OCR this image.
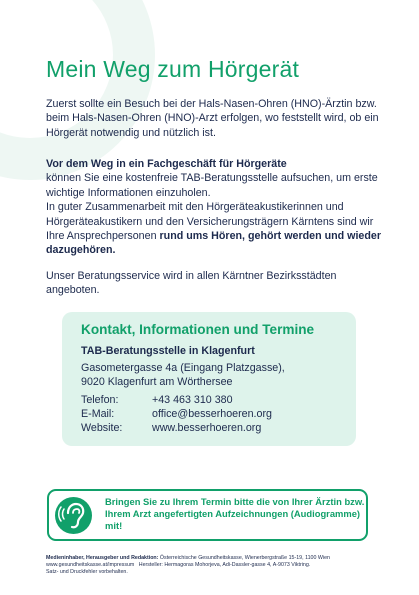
Mein Weg zum Hörgerät
Zuerst sollte ein Besuch bei der Hals-Nasen-Ohren (HNO)-Ärztin bzw. beim Hals-Nasen-Ohren (HNO)-Arzt erfolgen, wo feststellt wird, ob ein Hörgerät notwendig und nützlich ist.
Vor dem Weg in ein Fachgeschäft für Hörgeräte
können Sie eine kostenfreie TAB-Beratungsstelle aufsuchen, um erste wichtige Informationen einzuholen.
In guter Zusammenarbeit mit den Hörgeräteakustikerinnen und Hörgeräteakustikern und den Versicherungsträgern Kärntens sind wir Ihre Ansprechpersonen rund ums Hören, gehört werden und wieder dazugehören.
Unser Beratungsservice wird in allen Kärntner Bezirksstädten angeboten.
Kontakt, Informationen und Termine
TAB-Beratungsstelle in Klagenfurt
Gasometergasse 4a (Eingang Platzgasse),
9020 Klagenfurt am Wörthersee
Telefon:	+43 463 310 380
E-Mail:	office@besserhoeren.org
Website:	www.besserhoeren.org
Bringen Sie zu Ihrem Termin bitte die von Ihrer Ärztin bzw. Ihrem Arzt angefertigten Aufzeichnungen (Audiogramme) mit!
Medieninhaber, Herausgeber und Redaktion: Österreichische Gesundheitskasse, Wienerbergstraße 15-19, 1100 Wien
www.gesundheitskasse.at/impressum Hersteller: Hermagoras Mohorjeva, Adi-Dassler-gasse 4, A-9073 Viktring.
Satz- und Druckfehler vorbehalten.
